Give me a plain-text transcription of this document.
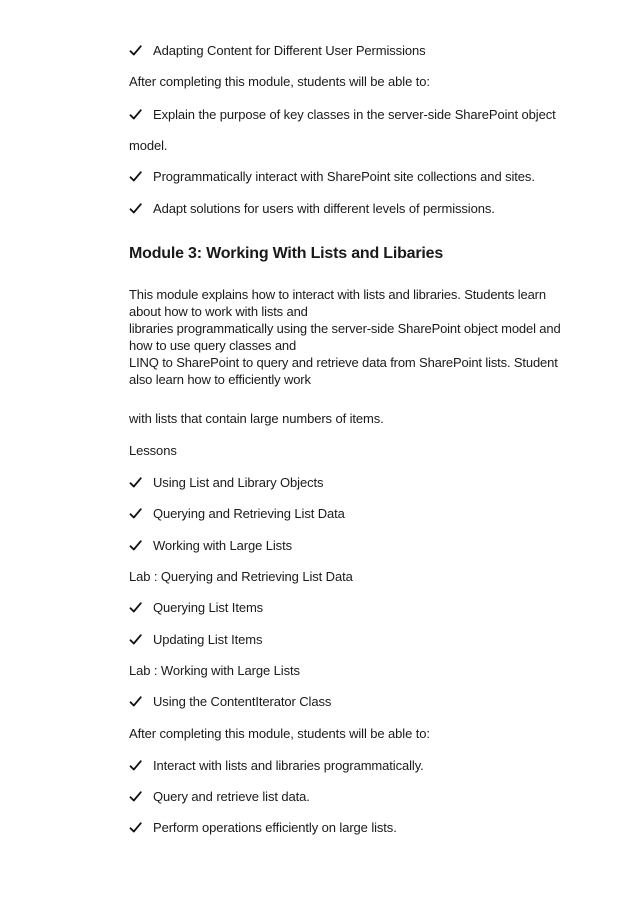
Adapting Content for Different User Permissions
After completing this module, students will be able to:
Explain the purpose of key classes in the server-side SharePoint object
model.
Programmatically interact with SharePoint site collections and sites.
Adapt solutions for users with different levels of permissions.
Module 3: Working With Lists and Libaries
This module explains how to interact with lists and libraries. Students learn
about how to work with lists and
libraries programmatically using the server-side SharePoint object model and
how to use query classes and
LINQ to SharePoint to query and retrieve data from SharePoint lists. Student
also learn how to efficiently work
with lists that contain large numbers of items.
Lessons
Using List and Library Objects
Querying and Retrieving List Data
Working with Large Lists
Lab : Querying and Retrieving List Data
Querying List Items
Updating List Items
Lab : Working with Large Lists
Using the ContentIterator Class
After completing this module, students will be able to:
Interact with lists and libraries programmatically.
Query and retrieve list data.
Perform operations efficiently on large lists.
